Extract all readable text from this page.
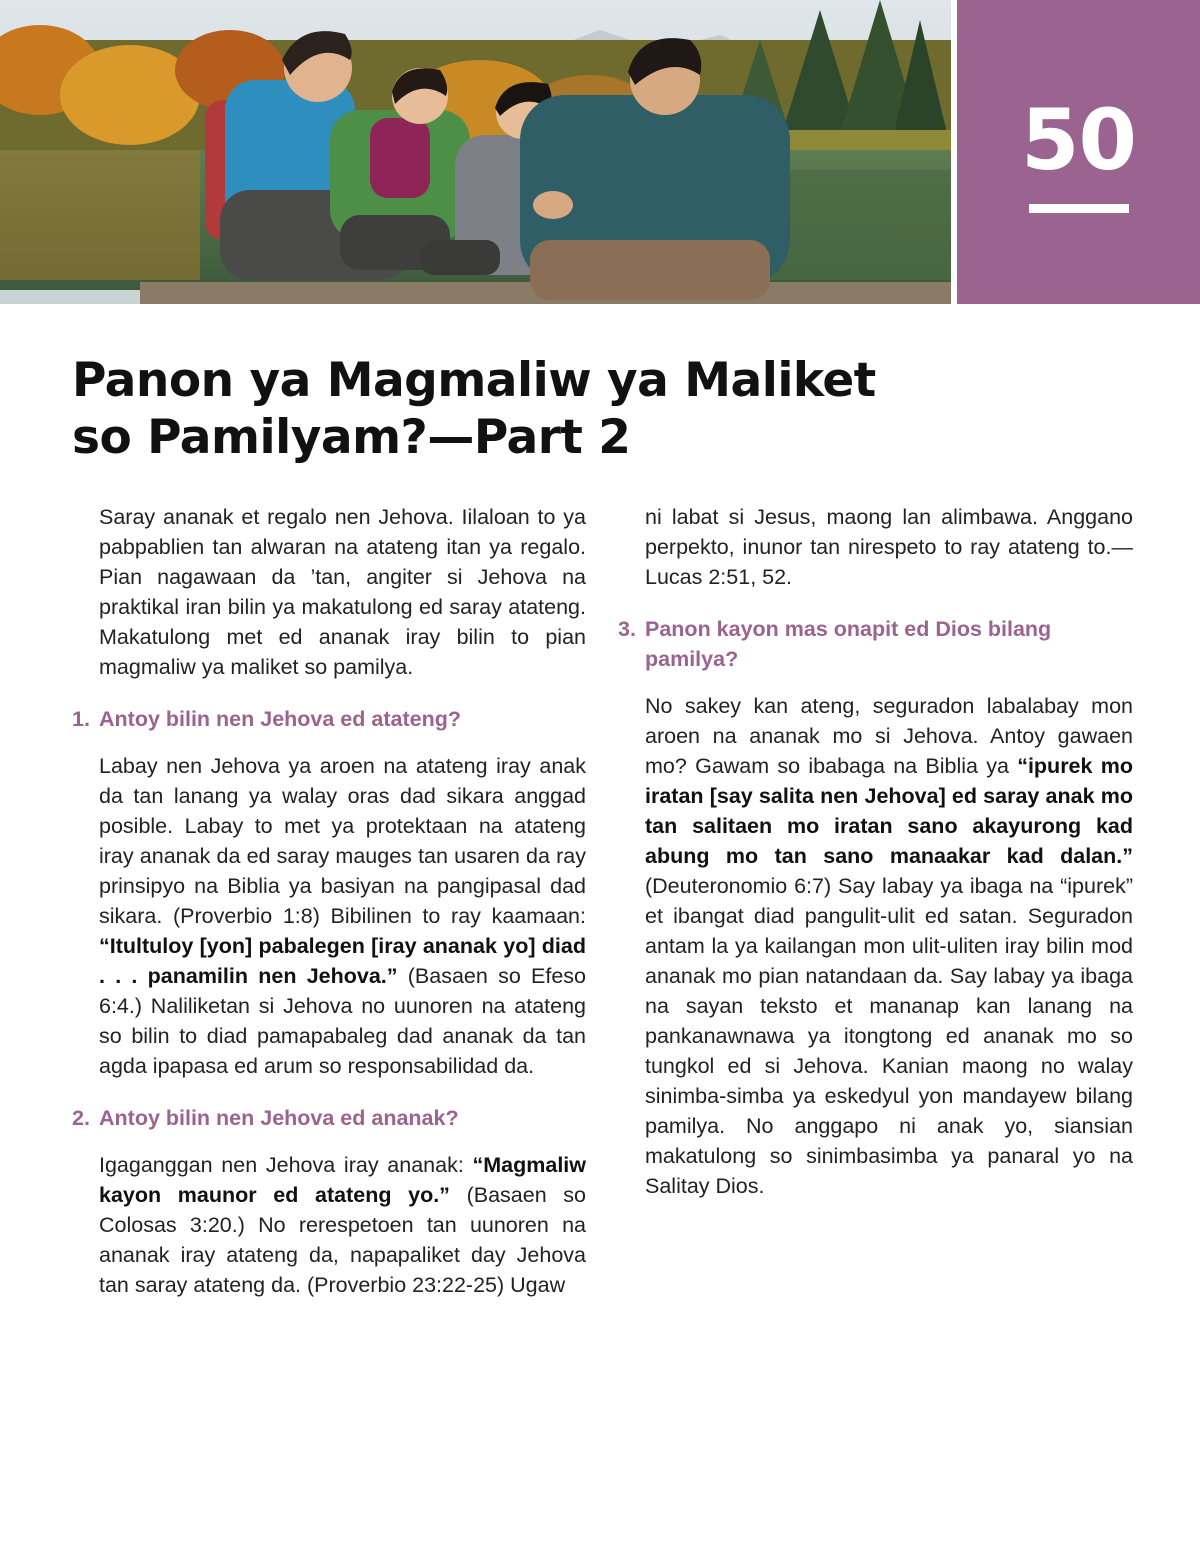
50
Panon ya Magmaliw ya Maliket
so Pamilyam?—Part 2

Saray ananak et regalo nen Jehova. Iilaloan to ya pabpablien tan alwaran na atateng itan ya regalo. Pian nagawaan da ’tan, angiter si Jehova na praktikal iran bilin ya makatulong ed saray atateng. Makatulong met ed ananak iray bilin to pian magmaliw ya maliket so pamilya.

1. Antoy bilin nen Jehova ed atateng?

Labay nen Jehova ya aroen na atateng iray anak da tan lanang ya walay oras dad sikara anggad posible. Labay to met ya protektaan na atateng iray ananak da ed saray mauges tan usaren da ray prinsipyo na Biblia ya basiyan na pangipasal dad sikara. (Proverbio 1:8) Bibilinen to ray kaamaan: “Itultuloy [yon] pabalegen [iray ananak yo] diad . . . panamilin nen Jehova.” (Basaen so Efeso 6:4.) Naliliketan si Jehova no uunoren na atateng so bilin to diad pamapabaleg dad ananak da tan agda ipapasa ed arum so responsabilidad da.

2. Antoy bilin nen Jehova ed ananak?

Igaganggan nen Jehova iray ananak: “Magmaliw kayon maunor ed atateng yo.” (Basaen so Colosas 3:20.) No rerespetoen tan uunoren na ananak iray atateng da, napapaliket day Jehova tan saray atateng da. (Proverbio 23:22-25) Ugaw

ni labat si Jesus, maong lan alimbawa. Anggano perpekto, inunor tan nirespeto to ray atateng to.—Lucas 2:51, 52.

3. Panon kayon mas onapit ed Dios bilang pamilya?

No sakey kan ateng, seguradon labalabay mon aroen na ananak mo si Jehova. Antoy gawaen mo? Gawam so ibabaga na Biblia ya “ipurek mo iratan [say salita nen Jehova] ed saray anak mo tan salitaen mo iratan sano akayurong kad abung mo tan sano manaakar kad dalan.” (Deuteronomio 6:7) Say labay ya ibaga na “ipurek” et ibangat diad pangulit-ulit ed satan. Seguradon antam la ya kailangan mon ulit-uliten iray bilin mod ananak mo pian natandaan da. Say labay ya ibaga na sayan teksto et mananap kan lanang na pankanawnawa ya itongtong ed ananak mo so tungkol ed si Jehova. Kanian maong no walay sinimba-simba ya eskedyul yon mandayew bilang pamilya. No anggapo ni anak yo, siansian makatulong so sinimbasimba ya panaral yo na Salitay Dios.
